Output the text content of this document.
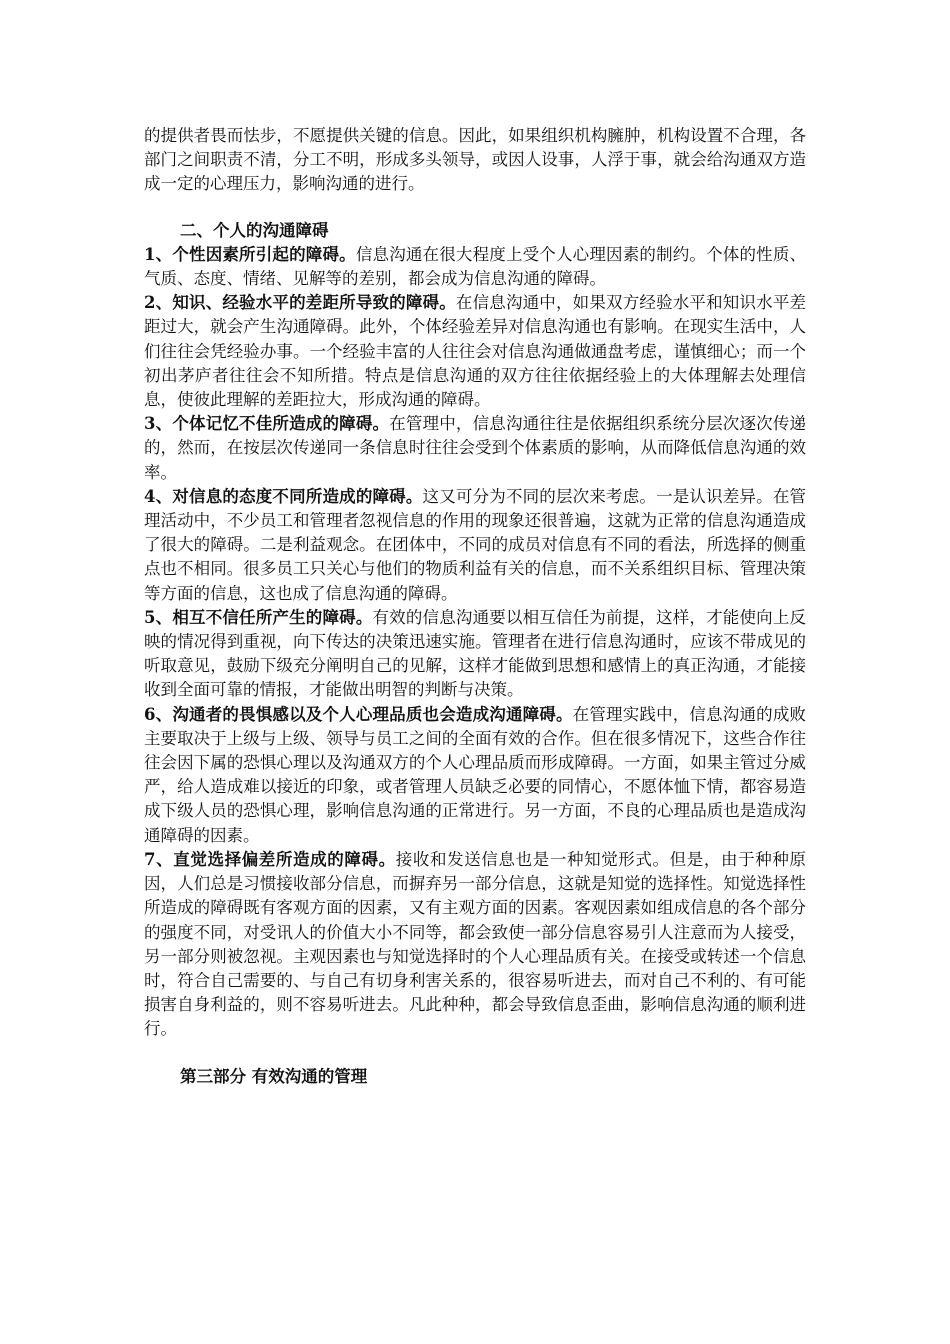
的提供者畏而怯步，不愿提供关键的信息。因此，如果组织机构臃肿，机构设置不合理，各部门之间职责不清，分工不明，形成多头领导，或因人设事，人浮于事，就会给沟通双方造成一定的心理压力，影响沟通的进行。

二、个人的沟通障碍

1、个性因素所引起的障碍。信息沟通在很大程度上受个人心理因素的制约。个体的性质、气质、态度、情绪、见解等的差别，都会成为信息沟通的障碍。

2、知识、经验水平的差距所导致的障碍。在信息沟通中，如果双方经验水平和知识水平差距过大，就会产生沟通障碍。此外，个体经验差异对信息沟通也有影响。在现实生活中，人们往往会凭经验办事。一个经验丰富的人往往会对信息沟通做通盘考虑，谨慎细心；而一个初出茅庐者往往会不知所措。特点是信息沟通的双方往往依据经验上的大体理解去处理信息，使彼此理解的差距拉大，形成沟通的障碍。

3、个体记忆不佳所造成的障碍。在管理中，信息沟通往往是依据组织系统分层次逐次传递的，然而，在按层次传递同一条信息时往往会受到个体素质的影响，从而降低信息沟通的效率。

4、对信息的态度不同所造成的障碍。这又可分为不同的层次来考虑。一是认识差异。在管理活动中，不少员工和管理者忽视信息的作用的现象还很普遍，这就为正常的信息沟通造成了很大的障碍。二是利益观念。在团体中，不同的成员对信息有不同的看法，所选择的侧重点也不相同。很多员工只关心与他们的物质利益有关的信息，而不关系组织目标、管理决策等方面的信息，这也成了信息沟通的障碍。

5、相互不信任所产生的障碍。有效的信息沟通要以相互信任为前提，这样，才能使向上反映的情况得到重视，向下传达的决策迅速实施。管理者在进行信息沟通时，应该不带成见的听取意见，鼓励下级充分阐明自己的见解，这样才能做到思想和感情上的真正沟通，才能接收到全面可靠的情报，才能做出明智的判断与决策。

6、沟通者的畏惧感以及个人心理品质也会造成沟通障碍。在管理实践中，信息沟通的成败主要取决于上级与上级、领导与员工之间的全面有效的合作。但在很多情况下，这些合作往往会因下属的恐惧心理以及沟通双方的个人心理品质而形成障碍。一方面，如果主管过分威严，给人造成难以接近的印象，或者管理人员缺乏必要的同情心，不愿体恤下情，都容易造成下级人员的恐惧心理，影响信息沟通的正常进行。另一方面，不良的心理品质也是造成沟通障碍的因素。

7、直觉选择偏差所造成的障碍。接收和发送信息也是一种知觉形式。但是，由于种种原因，人们总是习惯接收部分信息，而摒弃另一部分信息，这就是知觉的选择性。知觉选择性所造成的障碍既有客观方面的因素，又有主观方面的因素。客观因素如组成信息的各个部分的强度不同，对受讯人的价值大小不同等，都会致使一部分信息容易引人注意而为人接受，另一部分则被忽视。主观因素也与知觉选择时的个人心理品质有关。在接受或转述一个信息时，符合自己需要的、与自己有切身利害关系的，很容易听进去，而对自己不利的、有可能损害自身利益的，则不容易听进去。凡此种种，都会导致信息歪曲，影响信息沟通的顺利进行。

第三部分 有效沟通的管理
